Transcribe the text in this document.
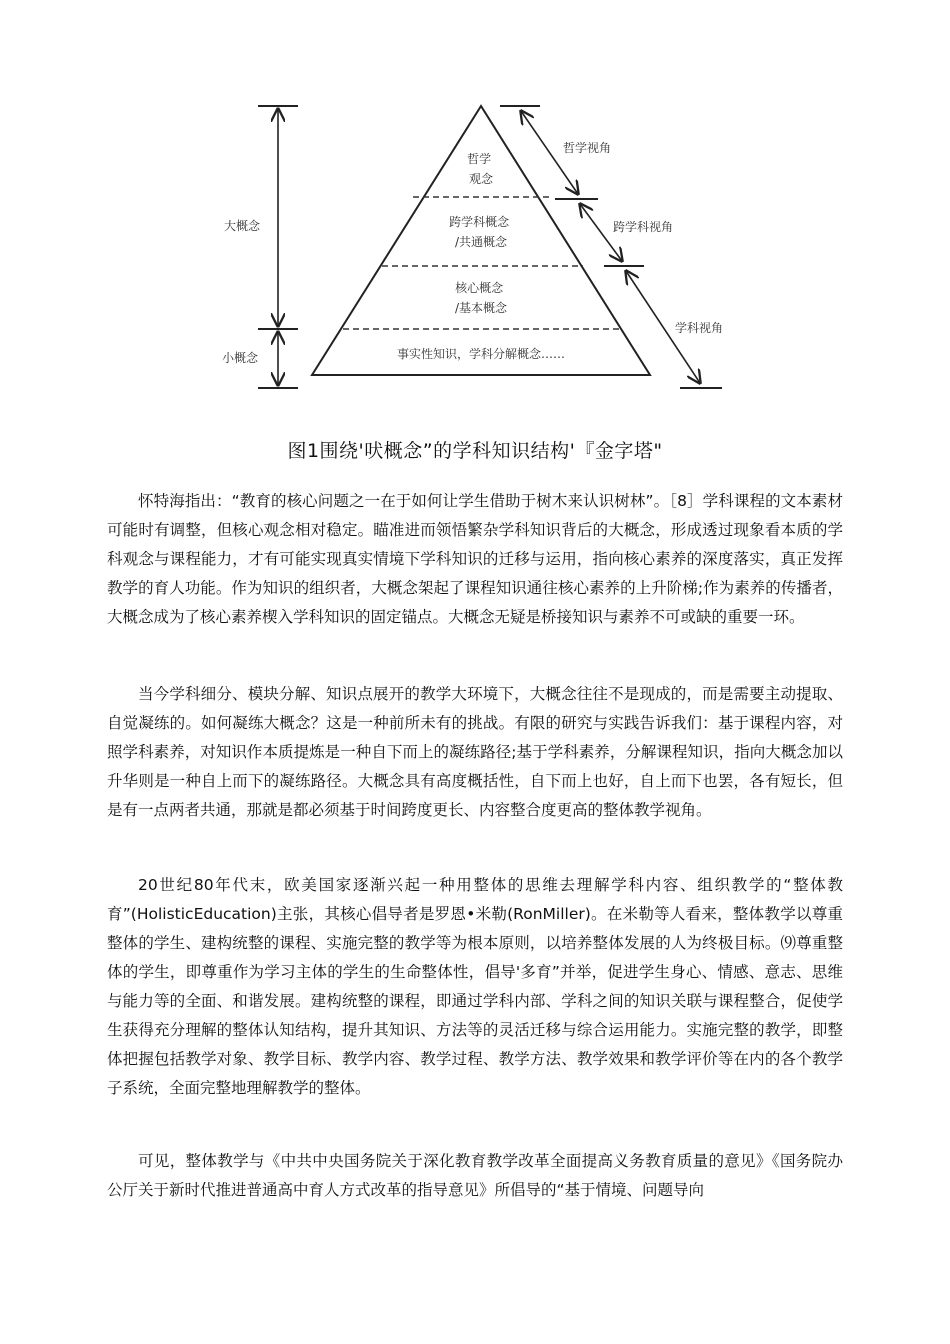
哲学 观念
跨学科概念 /共通概念
核心概念 /基本概念
事实性知识，学科分解概念……
大概念
小概念
哲学视角
跨学科视角
学科视角
图1围绕'吠概念”的学科知识结构'『金字塔"
怀特海指出：“教育的核心问题之一在于如何让学生借助于树木来认识树林”。［8］学科课程的文本素材可能时有调整，但核心观念相对稳定。瞄准进而领悟繁杂学科知识背后的大概念，形成透过现象看本质的学科观念与课程能力，才有可能实现真实情境下学科知识的迁移与运用，指向核心素养的深度落实，真正发挥教学的育人功能。作为知识的组织者，大概念架起了课程知识通往核心素养的上升阶梯;作为素养的传播者，大概念成为了核心素养楔入学科知识的固定锚点。大概念无疑是桥接知识与素养不可或缺的重要一环。
当今学科细分、模块分解、知识点展开的教学大环境下，大概念往往不是现成的，而是需要主动提取、自觉凝练的。如何凝练大概念？这是一种前所未有的挑战。有限的研究与实践告诉我们：基于课程内容，对照学科素养，对知识作本质提炼是一种自下而上的凝练路径;基于学科素养，分解课程知识，指向大概念加以升华则是一种自上而下的凝练路径。大概念具有高度概括性，自下而上也好，自上而下也罢，各有短长，但是有一点两者共通，那就是都必须基于时间跨度更长、内容整合度更高的整体教学视角。
20世纪80年代末，欧美国家逐渐兴起一种用整体的思维去理解学科内容、组织教学的“整体教育”(HolisticEducation)主张，其核心倡导者是罗恩•米勒(RonMiller)。在米勒等人看来，整体教学以尊重整体的学生、建构统整的课程、实施完整的教学等为根本原则，以培养整体发展的人为终极目标。⑼尊重整体的学生，即尊重作为学习主体的学生的生命整体性，倡导'多育”并举，促进学生身心、情感、意志、思维与能力等的全面、和谐发展。建构统整的课程，即通过学科内部、学科之间的知识关联与课程整合，促使学生获得充分理解的整体认知结构，提升其知识、方法等的灵活迁移与综合运用能力。实施完整的教学，即整体把握包括教学对象、教学目标、教学内容、教学过程、教学方法、教学效果和教学评价等在内的各个教学子系统，全面完整地理解教学的整体。
可见，整体教学与《中共中央国务院关于深化教育教学改革全面提高义务教育质量的意见》《国务院办公厅关于新时代推进普通高中育人方式改革的指导意见》所倡导的“基于情境、问题导向
